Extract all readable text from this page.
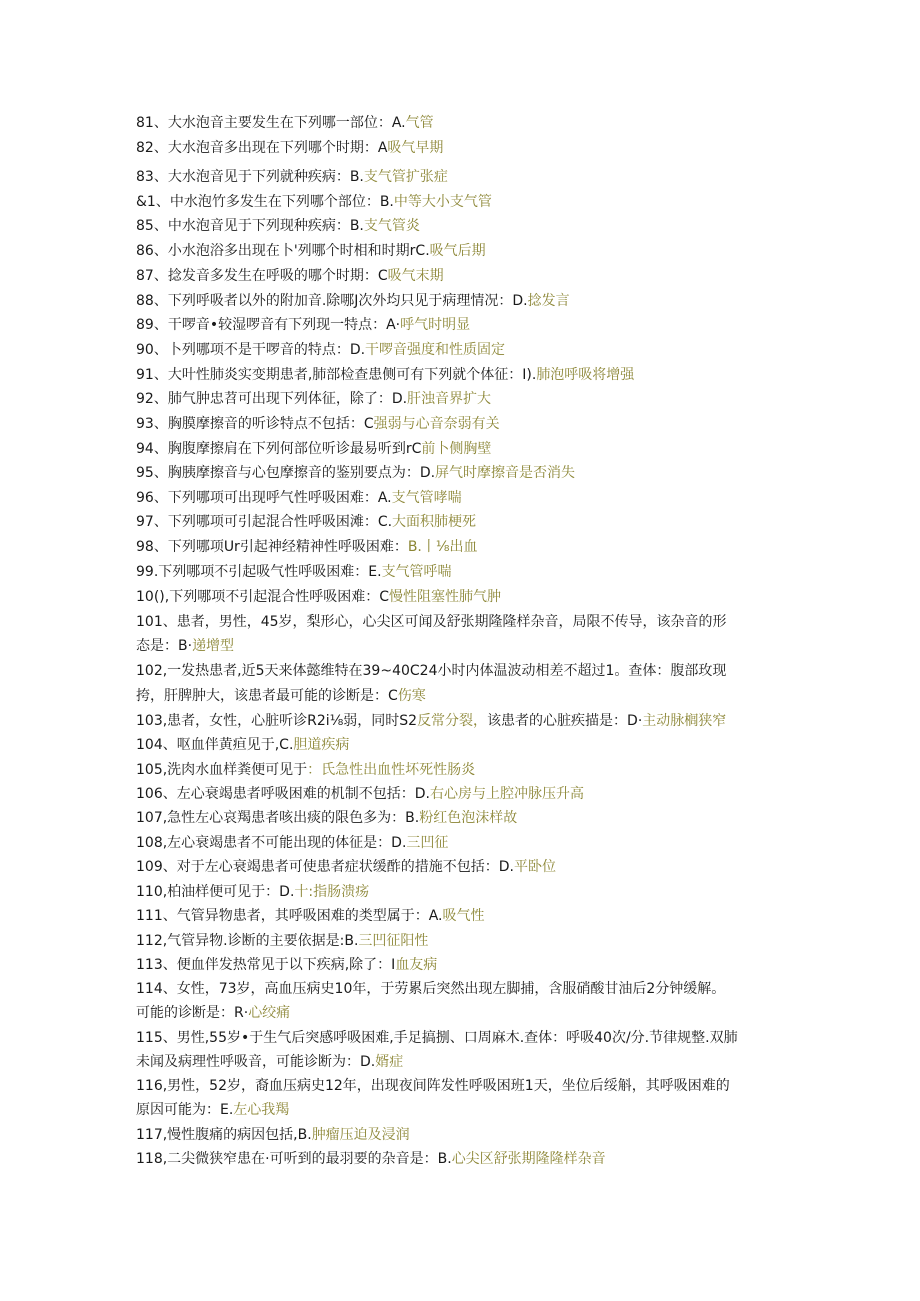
81、大水泡音主要发生在下列哪一部位：A.气管
82、大水泡音多出现在下列哪个时期：A吸气早期
83、大水泡音见于下列就种疾病：B.支气管扩张症
&1、中水泡竹多发生在下列哪个部位：B.中等大小支气管
85、中水泡音见于下列现种疾病：B.支气管炎
86、小水泡浴多出现在卜'列哪个时相和时期rC.吸气后期
87、捻发音多发生在呼吸的哪个时期：C吸气末期
88、下列呼吸者以外的附加音.除哪J次外均只见于病理情况：D.捻发言
89、干啰音•较湿啰音有下列现一特点：A·呼气时明显
90、卜列哪项不是干啰音的特点：D.干啰音强度和性质固定
91、大叶性肺炎实变期患者,肺部检查患侧可有下列就个体征：I).肺泡呼吸将增强
92、肺气肿忠苕可出现下列体征，除了：D.肝浊音界扩大
93、胸膜摩擦音的听诊特点不包括：C强弱与心音奈弱有关
94、胸腹摩擦肩在下列何部位听诊最易听到rC前卜侧胸壁
95、胸胰摩擦音与心包摩擦音的鉴别要点为：D.屏气时摩擦音是否消失
96、下列哪项可出现呼气性呼吸困难：A.支气管哮喘
97、下列哪项可引起混合性呼吸困滩：C.大面积肺梗死
98、下列哪项Ur引起神经精神性呼吸困难：B.丨⅛出血
99.下列哪项不引起吸气性呼吸困难：E.支气管呼喘
10(),下列哪项不引起混合性呼吸困难：C慢性阻塞性肺气肿
101、患者，男性，45岁，梨形心，心尖区可闻及舒张期隆隆样杂音，局限不传导，该杂音的形
态是：B·递增型
102,一发热患者,近5天来体懿维特在39~40C24小时内体温波动相差不超过1。查体：腹部玫现
挎，肝脾肿大，该患者最可能的诊断是：C伤寒
103,患者，女性，心脏听诊R2i⅛弱，同时S2反常分裂，该患者的心脏疾描是：D·主动脉榈狭窄
104、呕血伴黄疸见于,C.胆道疾病
105,洗肉水血样粪便可见于：氏急性出血性坏死性肠炎
106、左心衰竭患者呼吸困难的机制不包括：D.右心房与上腔冲脉压升高
107,急性左心哀羯患者咳出痰的限色多为：B.粉红色泡沫样故
108,左心衰竭患者不可能出现的体征是：D.三凹征
109、对于左心衰竭患者可使患者症状缓酢的措施不包括：D.平卧位
110,柏油样便可见于：D.十:指肠溃疡
111、气管异物患者，其呼吸困难的类型属于：A.吸气性
112,气管异物.诊断的主要依据是:B.三凹征阳性
113、便血伴发热常见于以下疾病,除了：I血友病
114、女性，73岁，高血压病史10年，于劳累后突然出现左脚捕，含服硝酸甘油后2分钟缓解。
可能的诊断是：R·心绞痛
115、男性,55岁•于生气后突感呼吸困难,手足搞捌、口周麻木.查体：呼吸40次/分.节律规整.双肺
未闻及病理性呼吸音，可能诊断为：D.婿症
116,男性，52岁，裔血压病史12年，出现夜间阵发性呼吸困班1天，坐位后绥斛，其呼吸困难的
原因可能为：E.左心我羯
117,慢性腹痛的病因包括,B.肿瘤压迫及浸润
118,二尖微狭窄患在·可听到的最羽要的杂音是：B.心尖区舒张期隆隆样杂音
